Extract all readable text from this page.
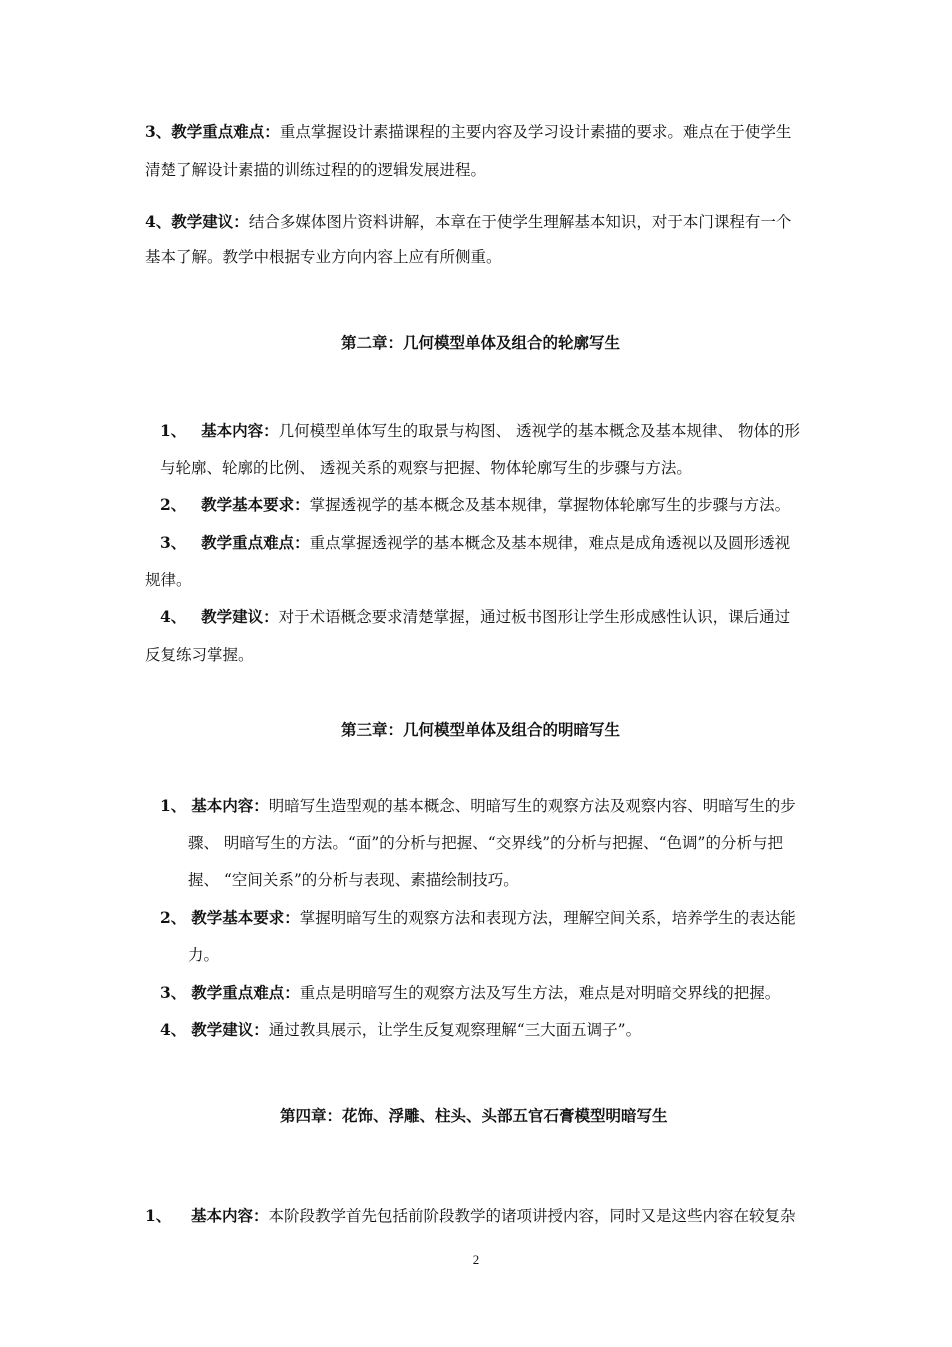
3、教学重点难点：重点掌握设计素描课程的主要内容及学习设计素描的要求。难点在于使学生
清楚了解设计素描的训练过程的的逻辑发展进程。
4、教学建议：结合多媒体图片资料讲解，本章在于使学生理解基本知识，对于本门课程有一个
基本了解。教学中根据专业方向内容上应有所侧重。
第二章：几何模型单体及组合的轮廓写生
1、 基本内容：几何模型单体写生的取景与构图、 透视学的基本概念及基本规律、 物体的形
与轮廓、轮廓的比例、 透视关系的观察与把握、物体轮廓写生的步骤与方法。
2、 教学基本要求：掌握透视学的基本概念及基本规律，掌握物体轮廓写生的步骤与方法。
3、 教学重点难点：重点掌握透视学的基本概念及基本规律，难点是成角透视以及圆形透视
规律。
4、 教学建议：对于术语概念要求清楚掌握，通过板书图形让学生形成感性认识，课后通过
反复练习掌握。
第三章：几何模型单体及组合的明暗写生
1、 基本内容：明暗写生造型观的基本概念、明暗写生的观察方法及观察内容、明暗写生的步
骤、 明暗写生的方法。“面”的分析与把握、“交界线”的分析与把握、“色调”的分析与把
握、 “空间关系”的分析与表现、素描绘制技巧。
2、 教学基本要求：掌握明暗写生的观察方法和表现方法，理解空间关系，培养学生的表达能
力。
3、 教学重点难点：重点是明暗写生的观察方法及写生方法，难点是对明暗交界线的把握。
4、 教学建议：通过教具展示，让学生反复观察理解“三大面五调子”。
第四章：花饰、浮雕、柱头、头部五官石膏模型明暗写生
1、 基本内容：本阶段教学首先包括前阶段教学的诸项讲授内容，同时又是这些内容在较复杂
2
